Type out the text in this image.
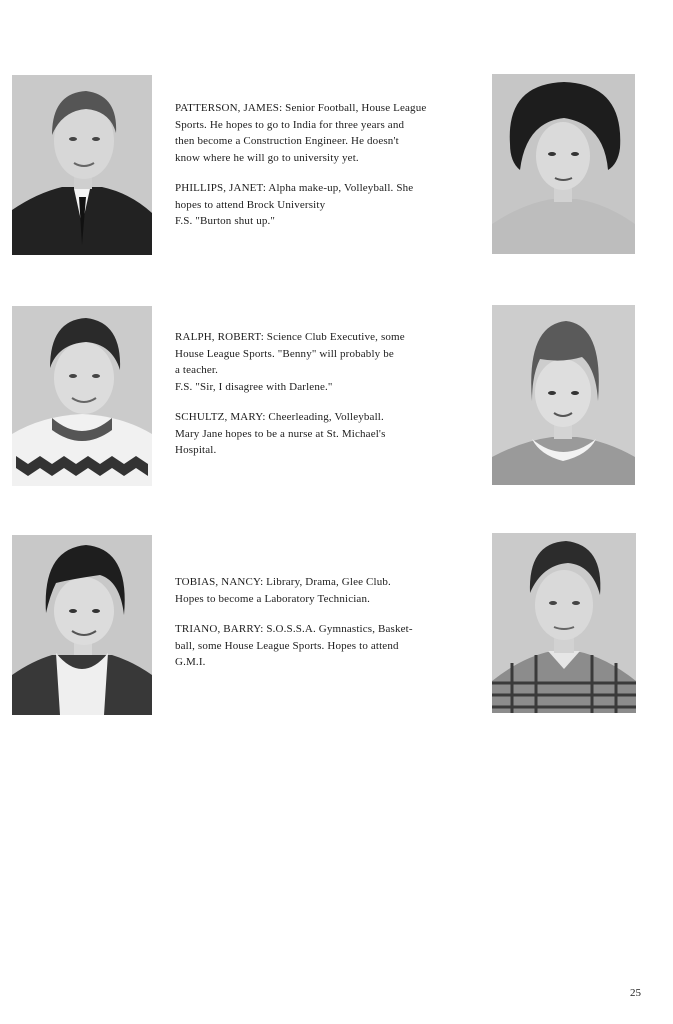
PATTERSON, JAMES: Senior Football, House League
Sports. He hopes to go to India for three years and
then become a Construction Engineer. He doesn't
know where he will go to university yet.

PHILLIPS, JANET: Alpha make-up, Volleyball. She
hopes to attend Brock University
F.S. "Burton shut up."

RALPH, ROBERT: Science Club Executive, some
House League Sports. "Benny" will probably be
a teacher.
F.S. "Sir, I disagree with Darlene."

SCHULTZ, MARY: Cheerleading, Volleyball.
Mary Jane hopes to be a nurse at St. Michael's
Hospital.

TOBIAS, NANCY: Library, Drama, Glee Club.
Hopes to become a Laboratory Technician.

TRIANO, BARRY: S.O.S.S.A. Gymnastics, Basket-
ball, some House League Sports. Hopes to attend
G.M.I.

25
